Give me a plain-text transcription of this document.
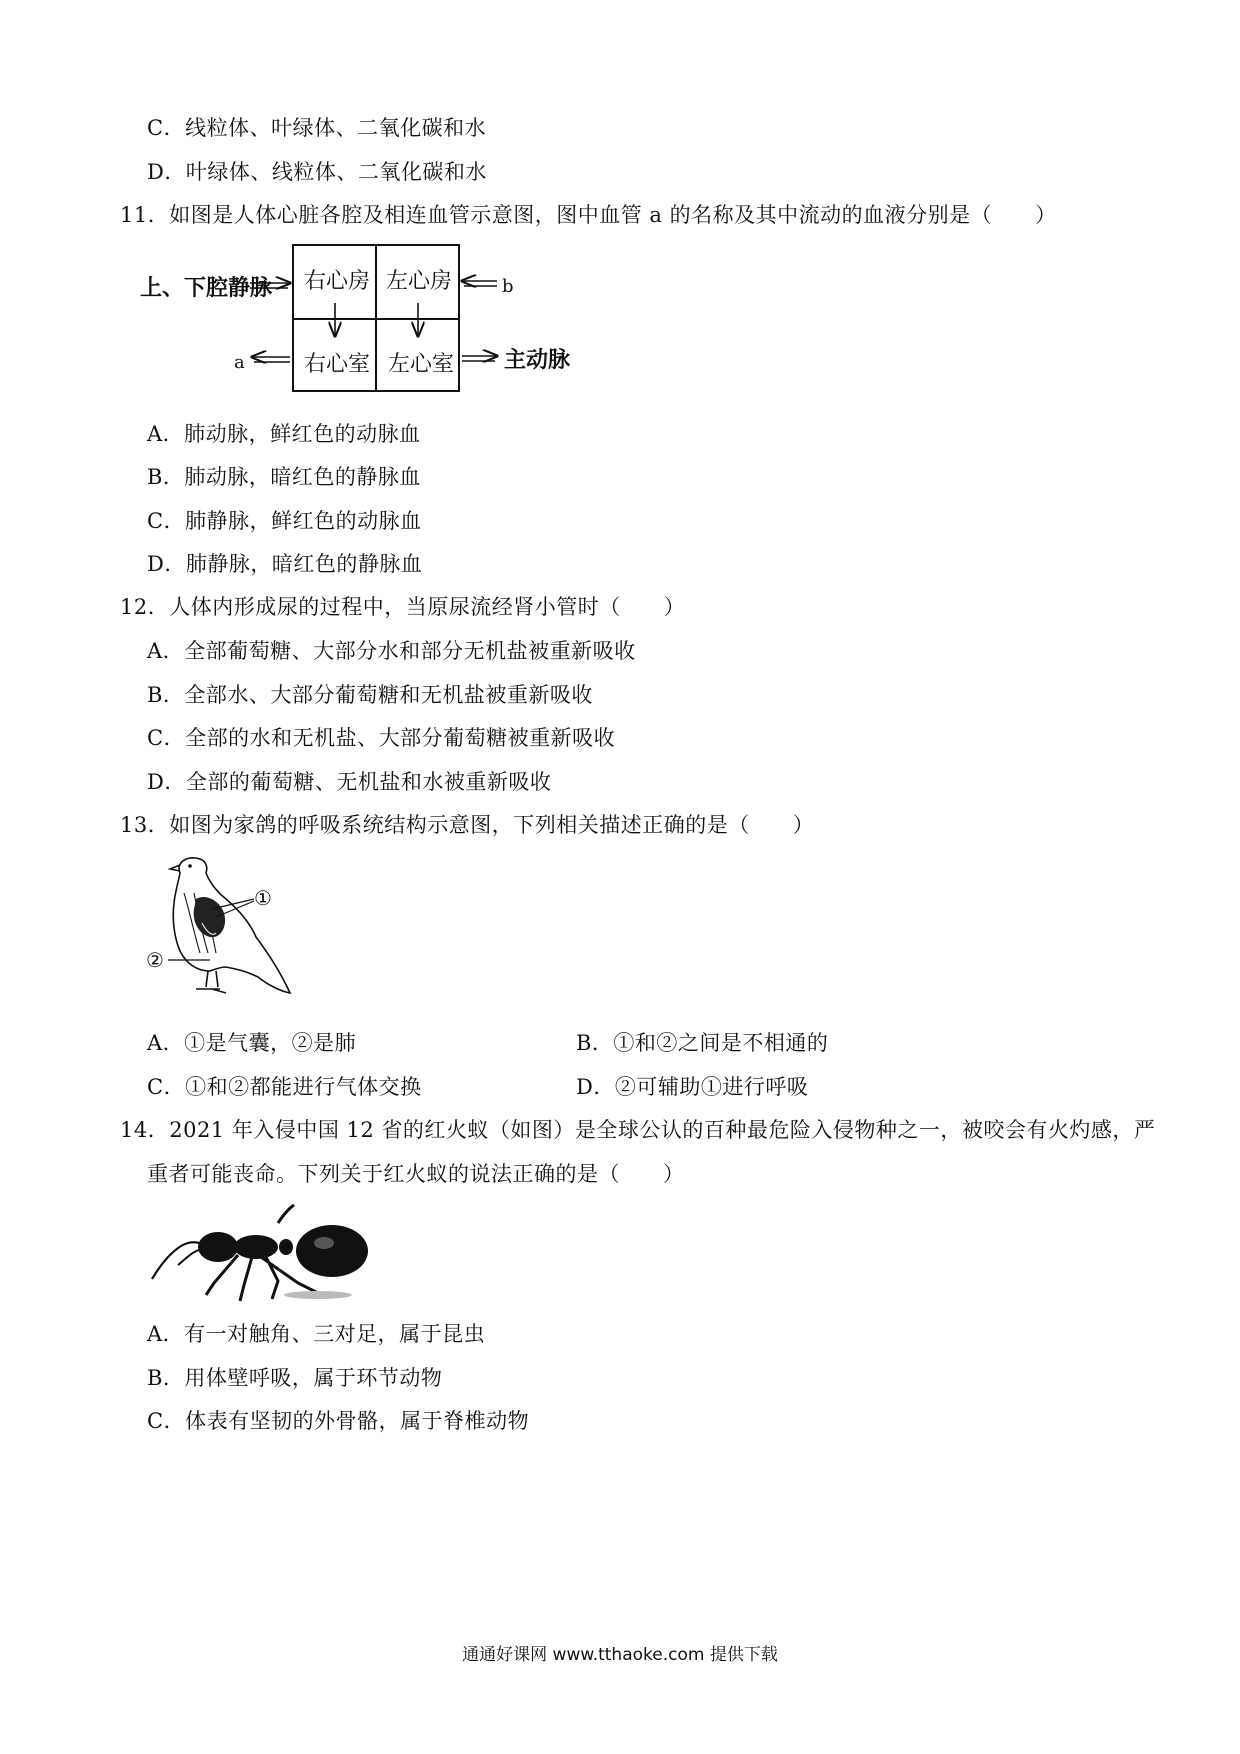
C．线粒体、叶绿体、二氧化碳和水
D．叶绿体、线粒体、二氧化碳和水
11．如图是人体心脏各腔及相连血管示意图，图中血管 a 的名称及其中流动的血液分别是（　　）
右心房 左心房
右心室 左心室
上、下腔静脉	b
a	主动脉
A．肺动脉，鲜红色的动脉血
B．肺动脉，暗红色的静脉血
C．肺静脉，鲜红色的动脉血
D．肺静脉，暗红色的静脉血
12．人体内形成尿的过程中，当原尿流经肾小管时（　　）
A．全部葡萄糖、大部分水和部分无机盐被重新吸收
B．全部水、大部分葡萄糖和无机盐被重新吸收
C．全部的水和无机盐、大部分葡萄糖被重新吸收
D．全部的葡萄糖、无机盐和水被重新吸收
13．如图为家鸽的呼吸系统结构示意图，下列相关描述正确的是（　　）
①
②
A．①是气囊，②是肺	B．①和②之间是不相通的
C．①和②都能进行气体交换	D．②可辅助①进行呼吸
14．2021 年入侵中国 12 省的红火蚁（如图）是全球公认的百种最危险入侵物种之一，被咬会有火灼感，严
重者可能丧命。下列关于红火蚁的说法正确的是（　　）
A．有一对触角、三对足，属于昆虫
B．用体壁呼吸，属于环节动物
C．体表有坚韧的外骨骼，属于脊椎动物
通通好课网 www.tthaoke.com 提供下载
